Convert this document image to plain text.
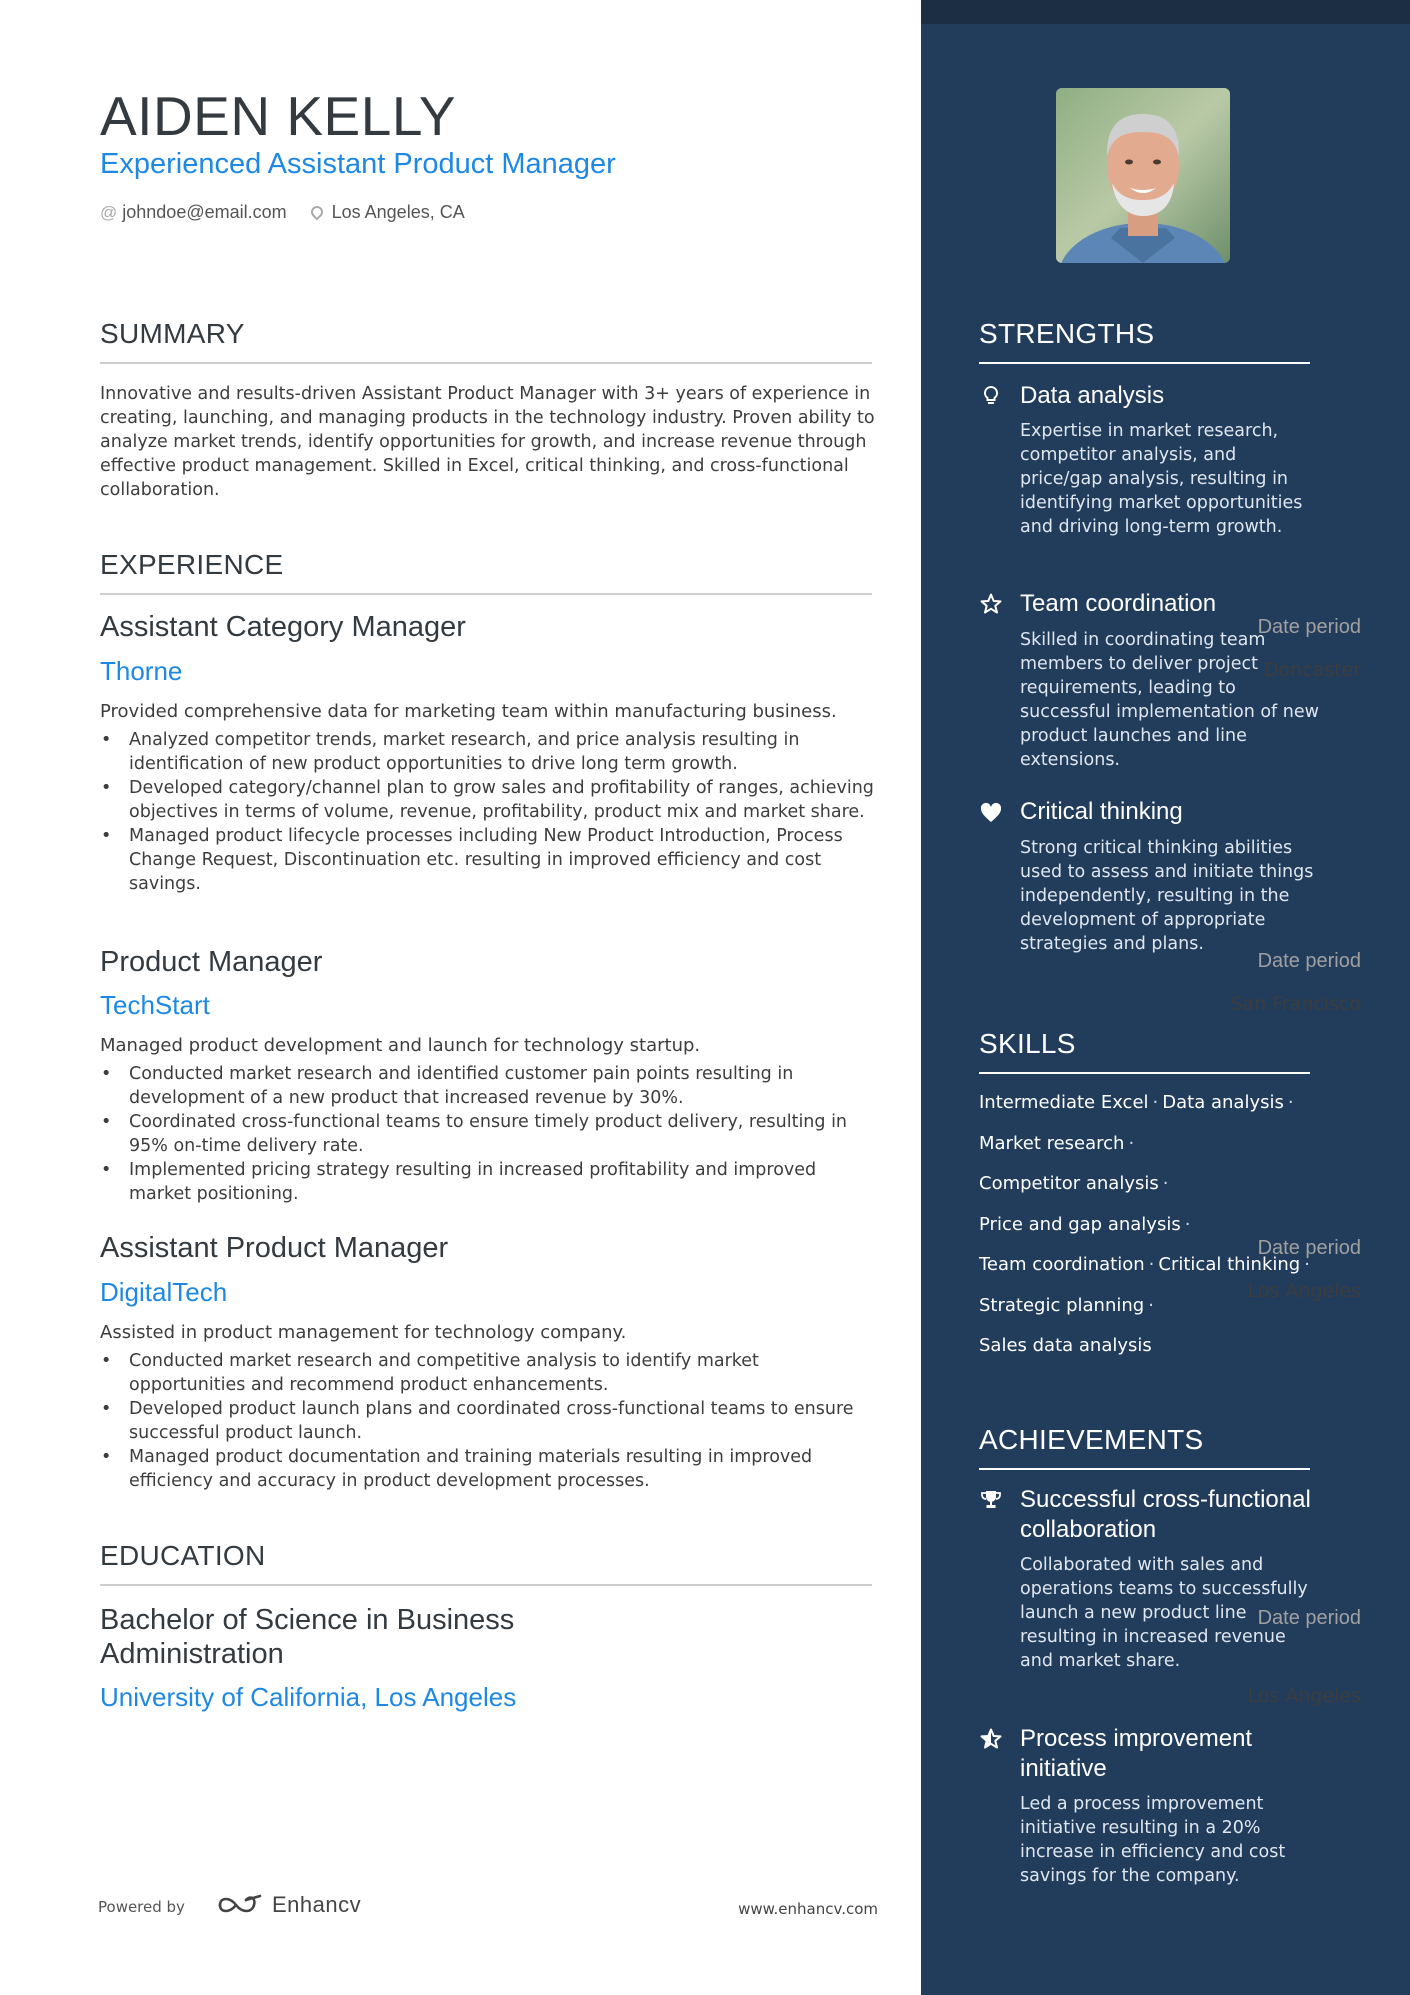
AIDEN KELLY
Experienced Assistant Product Manager
@ johndoe@email.com	Los Angeles, CA
SUMMARY
Innovative and results-driven Assistant Product Manager with 3+ years of experience in creating, launching, and managing products in the technology industry. Proven ability to analyze market trends, identify opportunities for growth, and increase revenue through effective product management. Skilled in Excel, critical thinking, and cross-functional collaboration.
EXPERIENCE
Assistant Category Manager	Date period
Thorne	Doncaster
Provided comprehensive data for marketing team within manufacturing business.
• Analyzed competitor trends, market research, and price analysis resulting in identification of new product opportunities to drive long term growth.
• Developed category/channel plan to grow sales and profitability of ranges, achieving objectives in terms of volume, revenue, profitability, product mix and market share.
• Managed product lifecycle processes including New Product Introduction, Process Change Request, Discontinuation etc. resulting in improved efficiency and cost savings.
Product Manager	Date period
TechStart	San Francisco
Managed product development and launch for technology startup.
• Conducted market research and identified customer pain points resulting in development of a new product that increased revenue by 30%.
• Coordinated cross-functional teams to ensure timely product delivery, resulting in 95% on-time delivery rate.
• Implemented pricing strategy resulting in increased profitability and improved market positioning.
Assistant Product Manager	Date period
DigitalTech	Los Angeles
Assisted in product management for technology company.
• Conducted market research and competitive analysis to identify market opportunities and recommend product enhancements.
• Developed product launch plans and coordinated cross-functional teams to ensure successful product launch.
• Managed product documentation and training materials resulting in improved efficiency and accuracy in product development processes.
EDUCATION
Bachelor of Science in Business Administration
Date period
University of California, Los Angeles	Los Angeles
Powered by	Enhancv	www.enhancv.com
STRENGTHS
Data analysis
Expertise in market research, competitor analysis, and price/gap analysis, resulting in identifying market opportunities and driving long-term growth.
Team coordination
Skilled in coordinating team members to deliver project requirements, leading to successful implementation of new product launches and line extensions.
Critical thinking
Strong critical thinking abilities used to assess and initiate things independently, resulting in the development of appropriate strategies and plans.
SKILLS
Intermediate Excel · Data analysis ·
Market research ·
Competitor analysis ·
Price and gap analysis ·
Team coordination · Critical thinking ·
Strategic planning ·
Sales data analysis
ACHIEVEMENTS
Successful cross-functional collaboration
Collaborated with sales and operations teams to successfully launch a new product line resulting in increased revenue and market share.
Process improvement initiative
Led a process improvement initiative resulting in a 20% increase in efficiency and cost savings for the company.
